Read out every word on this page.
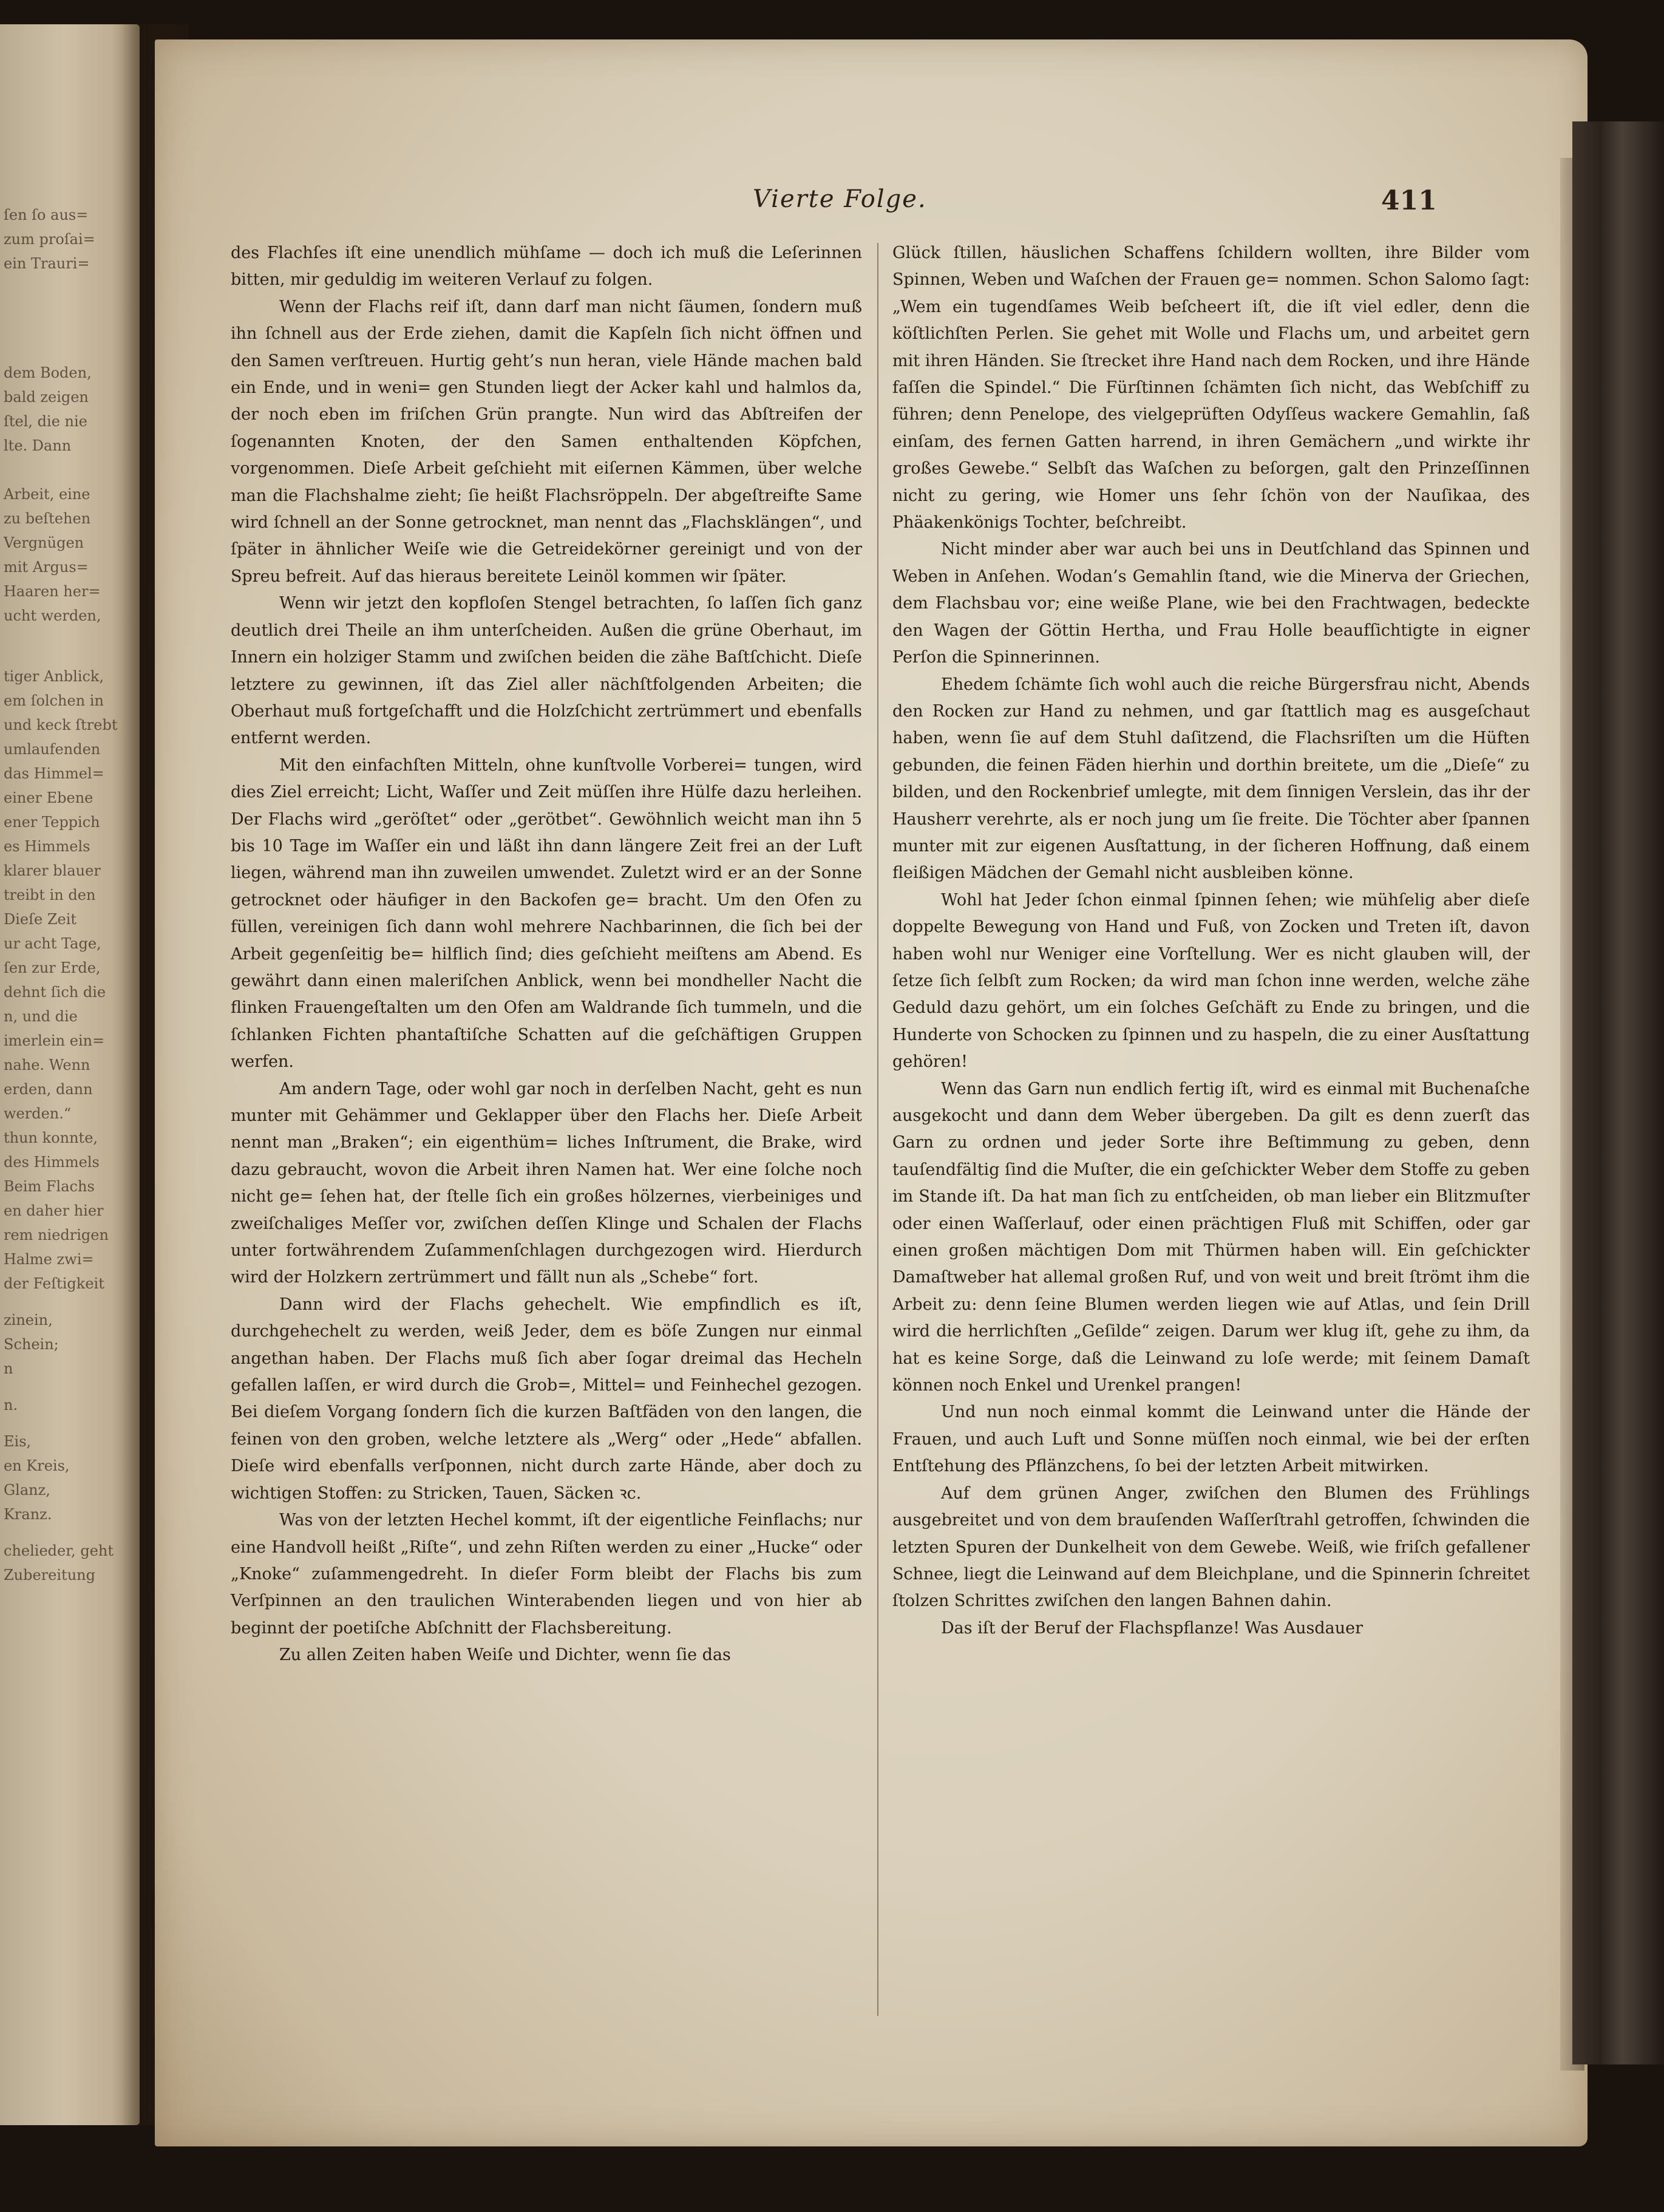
ſen ſo aus=
zum proſai=
ein Trauri=
dem Boden,
bald zeigen
ſtel, die nie
lte. Dann
Arbeit, eine
zu beſtehen
Vergnügen
mit Argus=
Haaren her=
ucht werden,
tiger Anblick,
em ſolchen in
und keck ſtrebt
umlaufenden
das Himmel=
einer Ebene
ener Teppich
es Himmels
klarer blauer
treibt in den
Dieſe Zeit
ur acht Tage,
ſen zur Erde,
dehnt ſich die
n, und die
imerlein ein=
nahe. Wenn
erden, dann
werden.“
thun konnte,
des Himmels
Beim Flachs
en daher hier
rem niedrigen
Halme zwi=
der Feſtigkeit
zinein,
Schein;
n
n.
Eis,
en Kreis,
Glanz,
Kranz.
chelieder, geht
Zubereitung
Vierte Folge.	411

des Flachſes iſt eine unendlich mühſame — doch ich muß die Leſerinnen bitten, mir geduldig im weiteren Verlauf zu folgen.

Wenn der Flachs reif iſt, dann darf man nicht ſäumen, ſondern muß ihn ſchnell aus der Erde ziehen, damit die Kapſeln ſich nicht öffnen und den Samen verſtreuen. Hurtig geht’s nun heran, viele Hände machen bald ein Ende, und in weni= gen Stunden liegt der Acker kahl und halmlos da, der noch eben im friſchen Grün prangte. Nun wird das Abſtreifen der ſogenannten Knoten, der den Samen enthaltenden Köpfchen, vorgenommen. Dieſe Arbeit geſchieht mit eiſernen Kämmen, über welche man die Flachshalme zieht; ſie heißt Flachsröppeln. Der abgeſtreifte Same wird ſchnell an der Sonne getrocknet, man nennt das „Flachsklängen“, und ſpäter in ähnlicher Weiſe wie die Getreidekörner gereinigt und von der Spreu befreit. Auf das hieraus bereitete Leinöl kommen wir ſpäter.

Wenn wir jetzt den kopfloſen Stengel betrachten, ſo laſſen ſich ganz deutlich drei Theile an ihm unterſcheiden. Außen die grüne Oberhaut, im Innern ein holziger Stamm und zwiſchen beiden die zähe Baſtſchicht. Dieſe letztere zu gewinnen, iſt das Ziel aller nächſtfolgenden Arbeiten; die Oberhaut muß fortgeſchafft und die Holzſchicht zertrümmert und ebenfalls entfernt werden.

Mit den einfachſten Mitteln, ohne kunſtvolle Vorberei= tungen, wird dies Ziel erreicht; Licht, Waſſer und Zeit müſſen ihre Hülfe dazu herleihen. Der Flachs wird „geröſtet“ oder „gerötbet“. Gewöhnlich weicht man ihn 5 bis 10 Tage im Waſſer ein und läßt ihn dann längere Zeit frei an der Luft liegen, während man ihn zuweilen umwendet. Zuletzt wird er an der Sonne getrocknet oder häufiger in den Backofen ge= bracht. Um den Ofen zu füllen, vereinigen ſich dann wohl mehrere Nachbarinnen, die ſich bei der Arbeit gegenſeitig be= hilflich ſind; dies geſchieht meiſtens am Abend. Es gewährt dann einen maleriſchen Anblick, wenn bei mondheller Nacht die flinken Frauengeſtalten um den Ofen am Waldrande ſich tummeln, und die ſchlanken Fichten phantaſtiſche Schatten auf die geſchäftigen Gruppen werfen.

Am andern Tage, oder wohl gar noch in derſelben Nacht, geht es nun munter mit Gehämmer und Geklapper über den Flachs her. Dieſe Arbeit nennt man „Braken“; ein eigenthüm= liches Inſtrument, die Brake, wird dazu gebraucht, wovon die Arbeit ihren Namen hat. Wer eine ſolche noch nicht ge= ſehen hat, der ſtelle ſich ein großes hölzernes, vierbeiniges und zweiſchaliges Meſſer vor, zwiſchen deſſen Klinge und Schalen der Flachs unter fortwährendem Zuſammenſchlagen durchgezogen wird. Hierdurch wird der Holzkern zertrümmert und fällt nun als „Schebe“ fort.

Dann wird der Flachs gehechelt. Wie empfindlich es iſt, durchgehechelt zu werden, weiß Jeder, dem es böſe Zungen nur einmal angethan haben. Der Flachs muß ſich aber ſogar dreimal das Hecheln gefallen laſſen, er wird durch die Grob=, Mittel= und Feinhechel gezogen. Bei dieſem Vorgang ſondern ſich die kurzen Baſtfäden von den langen, die feinen von den groben, welche letztere als „Werg“ oder „Hede“ abfallen. Dieſe wird ebenfalls verſponnen, nicht durch zarte Hände, aber doch zu wichtigen Stoffen: zu Stricken, Tauen, Säcken ꝛc.

Was von der letzten Hechel kommt, iſt der eigentliche Feinflachs; nur eine Handvoll heißt „Riſte“, und zehn Riſten werden zu einer „Hucke“ oder „Knoke“ zuſammengedreht. In dieſer Form bleibt der Flachs bis zum Verſpinnen an den traulichen Winterabenden liegen und von hier ab beginnt der poetiſche Abſchnitt der Flachsbereitung.

Zu allen Zeiten haben Weiſe und Dichter, wenn ſie das

Glück ſtillen, häuslichen Schaffens ſchildern wollten, ihre Bilder vom Spinnen, Weben und Waſchen der Frauen ge= nommen. Schon Salomo ſagt: „Wem ein tugendſames Weib beſcheert iſt, die iſt viel edler, denn die köſtlichſten Perlen. Sie gehet mit Wolle und Flachs um, und arbeitet gern mit ihren Händen. Sie ſtrecket ihre Hand nach dem Rocken, und ihre Hände faſſen die Spindel.“ Die Fürſtinnen ſchämten ſich nicht, das Webſchiff zu führen; denn Penelope, des vielgeprüften Odyſſeus wackere Gemahlin, ſaß einſam, des fernen Gatten harrend, in ihren Gemächern „und wirkte ihr großes Gewebe.“ Selbſt das Waſchen zu beſorgen, galt den Prinzeſſinnen nicht zu gering, wie Homer uns ſehr ſchön von der Nauſikaa, des Phäakenkönigs Tochter, beſchreibt.

Nicht minder aber war auch bei uns in Deutſchland das Spinnen und Weben in Anſehen. Wodan’s Gemahlin ſtand, wie die Minerva der Griechen, dem Flachsbau vor; eine weiße Plane, wie bei den Frachtwagen, bedeckte den Wagen der Göttin Hertha, und Frau Holle beaufſichtigte in eigner Perſon die Spinnerinnen.

Ehedem ſchämte ſich wohl auch die reiche Bürgersfrau nicht, Abends den Rocken zur Hand zu nehmen, und gar ſtattlich mag es ausgeſchaut haben, wenn ſie auf dem Stuhl daſitzend, die Flachsriſten um die Hüften gebunden, die feinen Fäden hierhin und dorthin breitete, um die „Dieſe“ zu bilden, und den Rockenbrief umlegte, mit dem ſinnigen Verslein, das ihr der Hausherr verehrte, als er noch jung um ſie freite. Die Töchter aber ſpannen munter mit zur eigenen Ausſtattung, in der ſicheren Hoffnung, daß einem fleißigen Mädchen der Gemahl nicht ausbleiben könne.

Wohl hat Jeder ſchon einmal ſpinnen ſehen; wie mühſelig aber dieſe doppelte Bewegung von Hand und Fuß, von Zocken und Treten iſt, davon haben wohl nur Weniger eine Vorſtellung. Wer es nicht glauben will, der ſetze ſich ſelbſt zum Rocken; da wird man ſchon inne werden, welche zähe Geduld dazu gehört, um ein ſolches Geſchäft zu Ende zu bringen, und die Hunderte von Schocken zu ſpinnen und zu haspeln, die zu einer Ausſtattung gehören!

Wenn das Garn nun endlich fertig iſt, wird es einmal mit Buchenaſche ausgekocht und dann dem Weber übergeben. Da gilt es denn zuerſt das Garn zu ordnen und jeder Sorte ihre Beſtimmung zu geben, denn tauſendfältig ſind die Muſter, die ein geſchickter Weber dem Stoffe zu geben im Stande iſt. Da hat man ſich zu entſcheiden, ob man lieber ein Blitzmuſter oder einen Waſſerlauf, oder einen prächtigen Fluß mit Schiffen, oder gar einen großen mächtigen Dom mit Thürmen haben will. Ein geſchickter Damaſtweber hat allemal großen Ruf, und von weit und breit ſtrömt ihm die Arbeit zu: denn ſeine Blumen werden liegen wie auf Atlas, und ſein Drill wird die herrlichſten „Geſilde“ zeigen. Darum wer klug iſt, gehe zu ihm, da hat es keine Sorge, daß die Leinwand zu loſe werde; mit ſeinem Damaſt können noch Enkel und Urenkel prangen!

Und nun noch einmal kommt die Leinwand unter die Hände der Frauen, und auch Luft und Sonne müſſen noch einmal, wie bei der erſten Entſtehung des Pflänzchens, ſo bei der letzten Arbeit mitwirken.

Auf dem grünen Anger, zwiſchen den Blumen des Frühlings ausgebreitet und von dem brauſenden Waſſerſtrahl getroffen, ſchwinden die letzten Spuren der Dunkelheit von dem Gewebe. Weiß, wie friſch gefallener Schnee, liegt die Leinwand auf dem Bleichplane, und die Spinnerin ſchreitet ſtolzen Schrittes zwiſchen den langen Bahnen dahin.

Das iſt der Beruf der Flachspflanze! Was Ausdauer
